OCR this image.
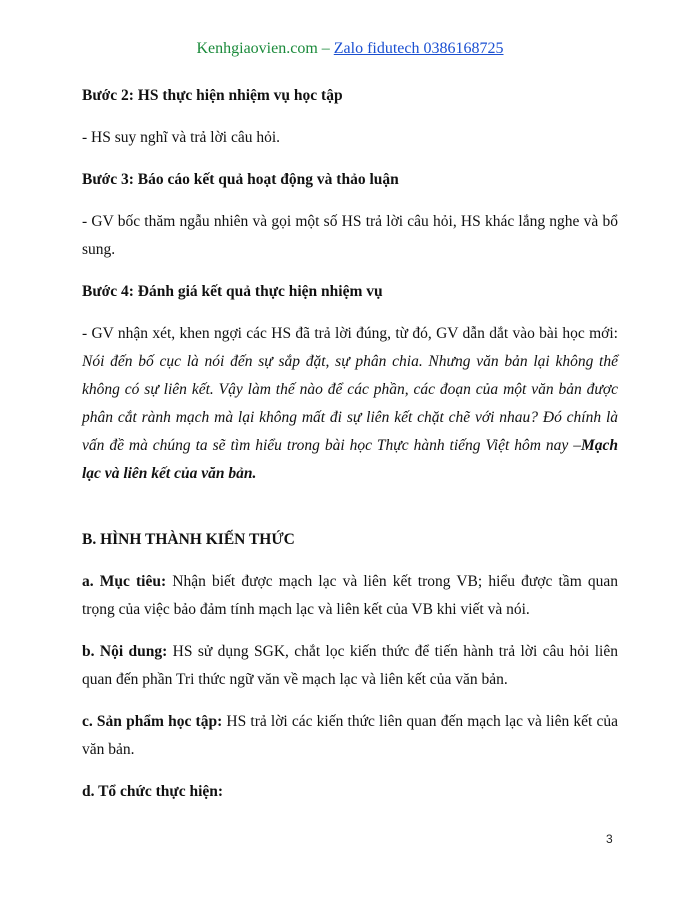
Kenhgiaovien.com – Zalo fidutech 0386168725

Bước 2: HS thực hiện nhiệm vụ học tập

- HS suy nghĩ và trả lời câu hỏi.

Bước 3: Báo cáo kết quả hoạt động và thảo luận

- GV bốc thăm ngẫu nhiên và gọi một số HS trả lời câu hỏi, HS khác lắng nghe và bổ sung.

Bước 4: Đánh giá kết quả thực hiện nhiệm vụ

- GV nhận xét, khen ngợi các HS đã trả lời đúng, từ đó, GV dẫn dắt vào bài học mới: Nói đến bố cục là nói đến sự sắp đặt, sự phân chia. Nhưng văn bản lại không thể không có sự liên kết. Vậy làm thế nào để các phần, các đoạn của một văn bản được phân cắt rành mạch mà lại không mất đi sự liên kết chặt chẽ với nhau? Đó chính là vấn đề mà chúng ta sẽ tìm hiểu trong bài học Thực hành tiếng Việt hôm nay –Mạch lạc và liên kết của văn bản.

B. HÌNH THÀNH KIẾN THỨC

a. Mục tiêu: Nhận biết được mạch lạc và liên kết trong VB; hiểu được tầm quan trọng của việc bảo đảm tính mạch lạc và liên kết của VB khi viết và nói.

b. Nội dung: HS sử dụng SGK, chắt lọc kiến thức để tiến hành trả lời câu hỏi liên quan đến phần Tri thức ngữ văn về mạch lạc và liên kết của văn bản.

c. Sản phẩm học tập: HS trả lời các kiến thức liên quan đến mạch lạc và liên kết của văn bản.

d. Tổ chức thực hiện:

3
